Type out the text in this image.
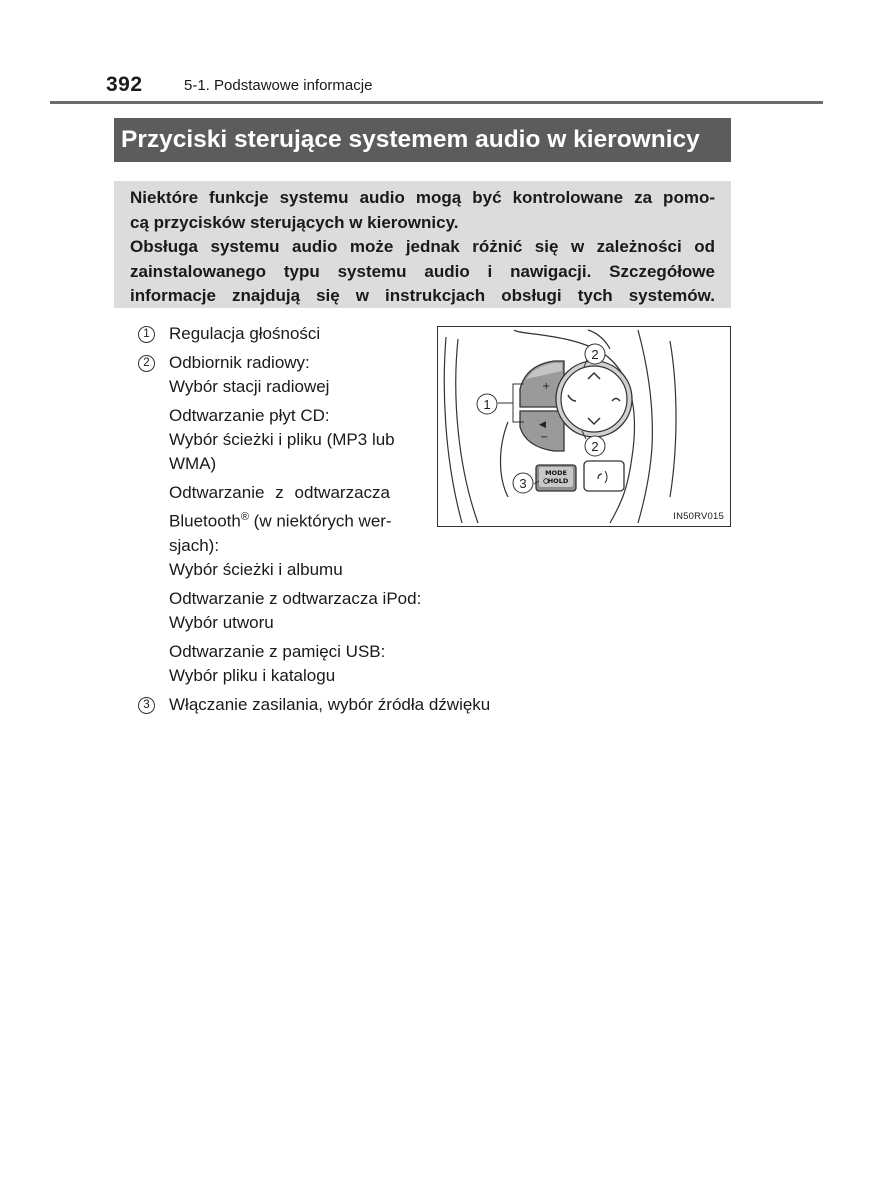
392	5-1. Podstawowe informacje
Przyciski sterujące systemem audio w kierownicy
Niektóre funkcje systemu audio mogą być kontrolowane za pomo-
cą przycisków sterujących w kierownicy.
Obsługa systemu audio może jednak różnić się w zależności od
zainstalowanego typu systemu audio i nawigacji. Szczegółowe
informacje znajdują się w instrukcjach obsługi tych systemów.
1	Regulacja głośności
2	Odbiornik radiowy:
Wybór stacji radiowej
Odtwarzanie płyt CD:
Wybór ścieżki i pliku (MP3 lub
WMA)
Odtwarzanie z odtwarzacza
Bluetooth® (w niektórych wer-
sjach):
Wybór ścieżki i albumu
Odtwarzanie z odtwarzacza iPod:
Wybór utworu
Odtwarzanie z pamięci USB:
Wybór pliku i katalogu
3	Włączanie zasilania, wybór źródła dźwięku
+
◀
−
MODE
HOLD
1
2
2
3
IN50RV015
